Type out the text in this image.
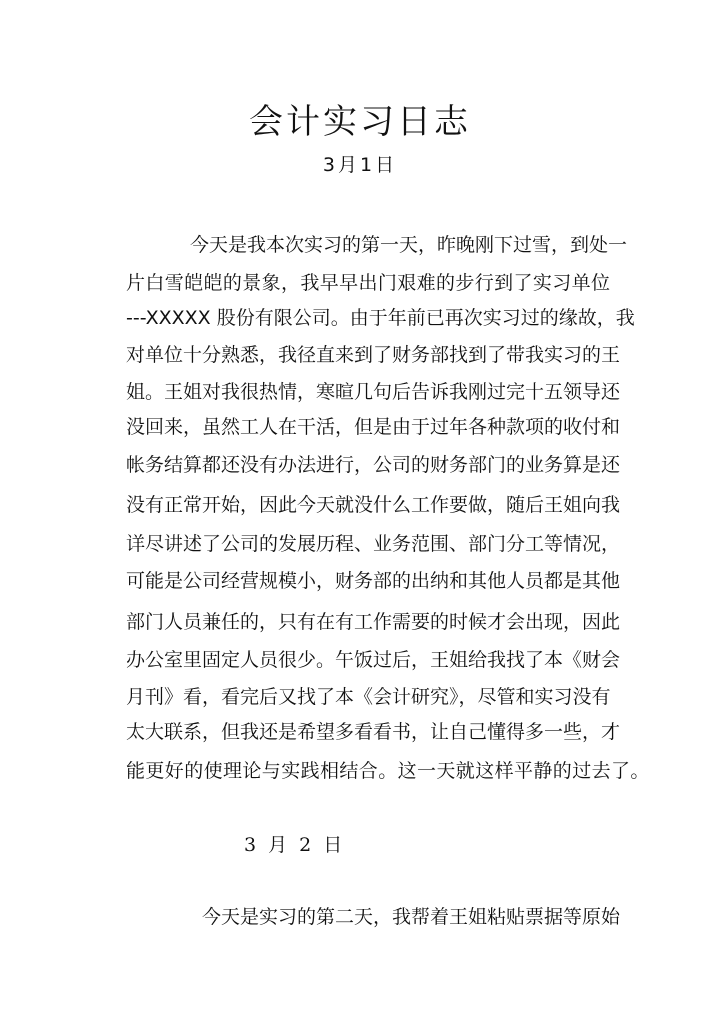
会计实习日志
3月1日
今天是我本次实习的第一天，昨晚刚下过雪，到处一
片白雪皑皑的景象，我早早出门艰难的步行到了实习单位
---XXXXX 股份有限公司。由于年前已再次实习过的缘故，我
对单位十分熟悉，我径直来到了财务部找到了带我实习的王
姐。王姐对我很热情，寒暄几句后告诉我刚过完十五领导还
没回来，虽然工人在干活，但是由于过年各种款项的收付和
帐务结算都还没有办法进行，公司的财务部门的业务算是还
没有正常开始，因此今天就没什么工作要做，随后王姐向我
详尽讲述了公司的发展历程、业务范围、部门分工等情况，
可能是公司经营规模小，财务部的出纳和其他人员都是其他
部门人员兼任的，只有在有工作需要的时候才会出现，因此
办公室里固定人员很少。午饭过后，王姐给我找了本《财会
月刊》看，看完后又找了本《会计研究》，尽管和实习没有
太大联系，但我还是希望多看看书，让自己懂得多一些，才
能更好的使理论与实践相结合。这一天就这样平静的过去了。
3 月 2 日
今天是实习的第二天，我帮着王姐粘贴票据等原始
